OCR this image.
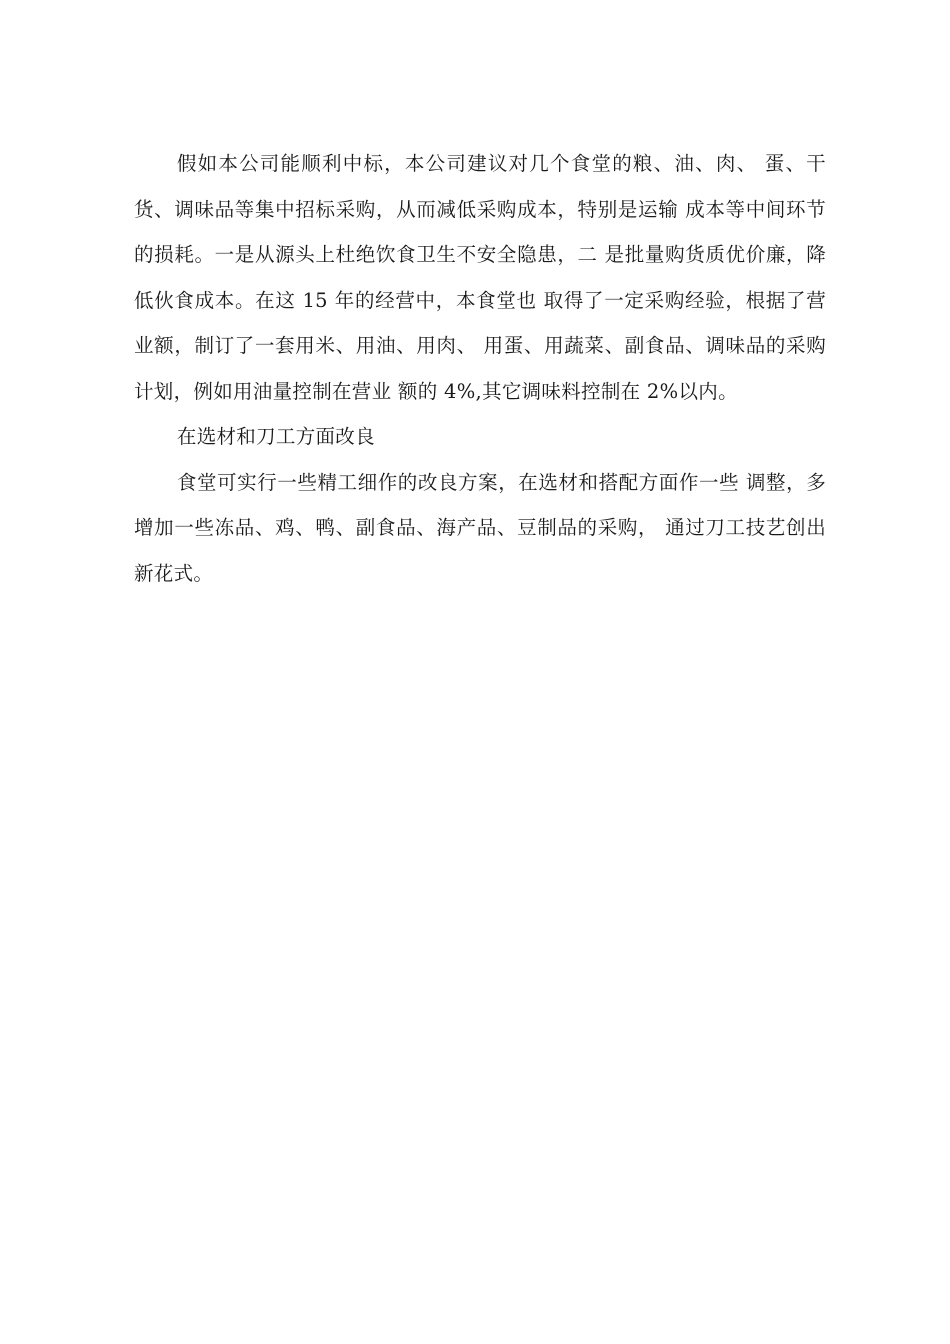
假如本公司能顺利中标，本公司建议对几个食堂的粮、油、肉、 蛋、干货、调味品等集中招标采购，从而减低采购成本，特别是运输 成本等中间环节的损耗。一是从源头上杜绝饮食卫生不安全隐患，二 是批量购货质优价廉，降低伙食成本。在这 15 年的经营中，本食堂也 取得了一定采购经验，根据了营业额，制订了一套用米、用油、用肉、 用蛋、用蔬菜、副食品、调味品的采购计划，例如用油量控制在营业 额的 4%,其它调味料控制在 2%以内。

在选材和刀工方面改良

食堂可实行一些精工细作的改良方案，在选材和搭配方面作一些 调整，多增加一些冻品、鸡、鸭、副食品、海产品、豆制品的采购， 通过刀工技艺创出新花式。
